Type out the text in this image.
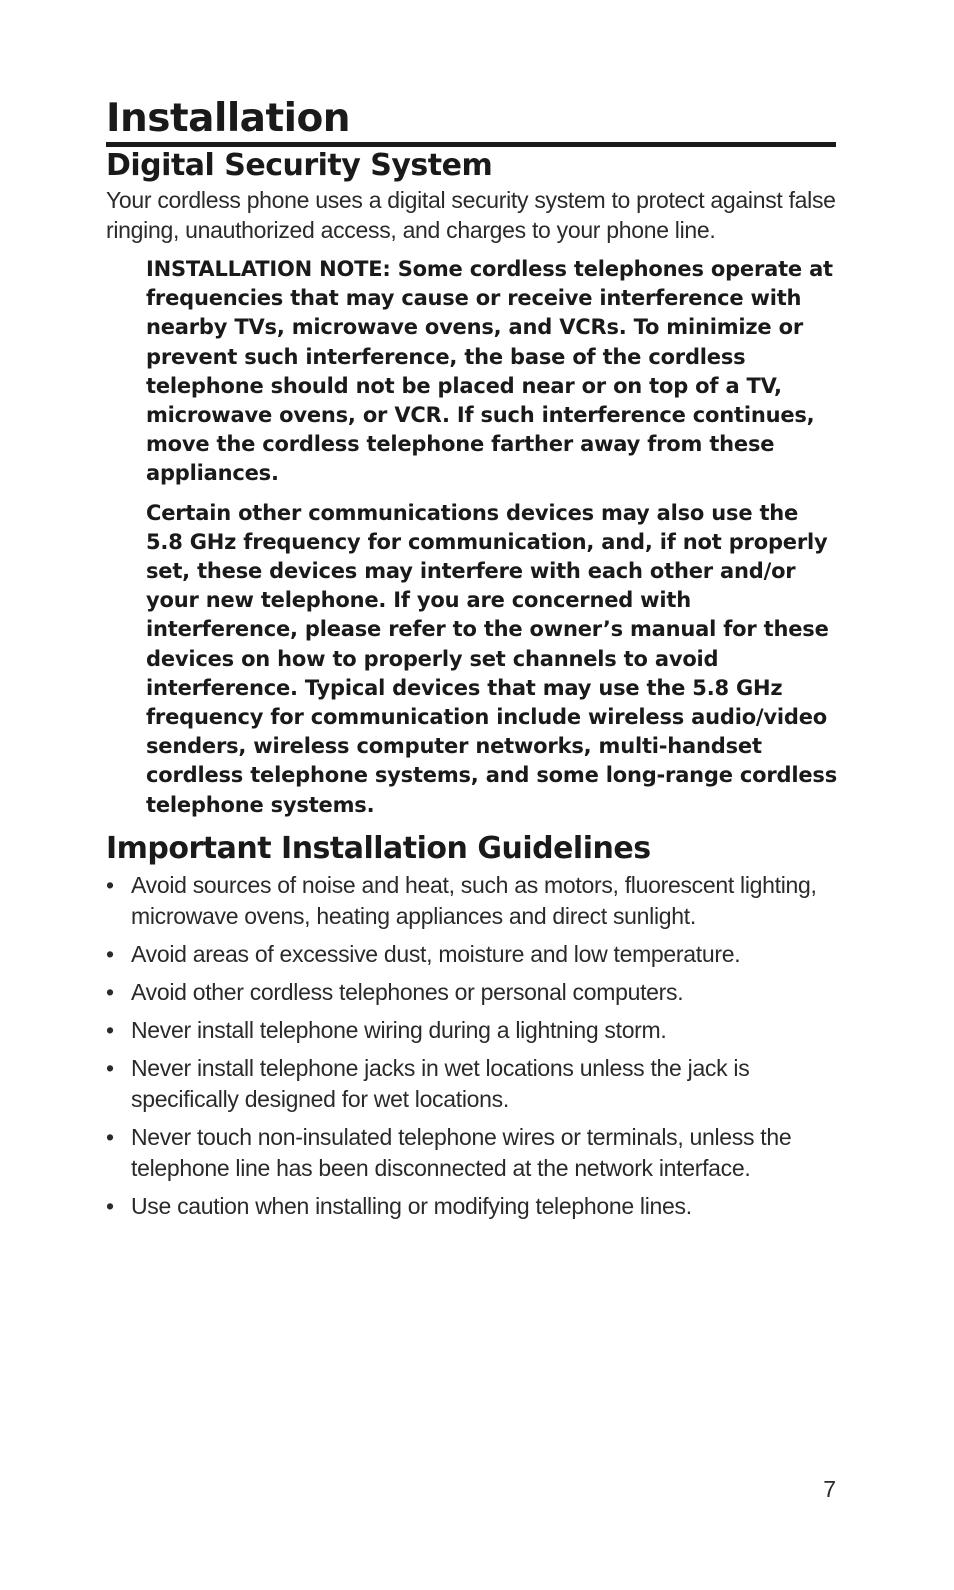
Installation
Digital Security System

Your cordless phone uses a digital security system to protect against false ringing, unauthorized access, and charges to your phone line.

INSTALLATION NOTE: Some cordless telephones operate at frequencies that may cause or receive interference with nearby TVs, microwave ovens, and VCRs. To minimize or prevent such interference, the base of the cordless telephone should not be placed near or on top of a TV, microwave ovens, or VCR. If such interference continues, move the cordless telephone farther away from these appliances.

Certain other communications devices may also use the 5.8 GHz frequency for communication, and, if not properly set, these devices may interfere with each other and/or your new telephone. If you are concerned with interference, please refer to the owner’s manual for these devices on how to properly set channels to avoid interference. Typical devices that may use the 5.8 GHz frequency for communication include wireless audio/video senders, wireless computer networks, multi-handset cordless telephone systems, and some long-range cordless telephone systems.

Important Installation Guidelines
• Avoid sources of noise and heat, such as motors, fluorescent lighting, microwave ovens, heating appliances and direct sunlight.
• Avoid areas of excessive dust, moisture and low temperature.
• Avoid other cordless telephones or personal computers.
• Never install telephone wiring during a lightning storm.
• Never install telephone jacks in wet locations unless the jack is specifically designed for wet locations.
• Never touch non-insulated telephone wires or terminals, unless the telephone line has been disconnected at the network interface.
• Use caution when installing or modifying telephone lines.
7
